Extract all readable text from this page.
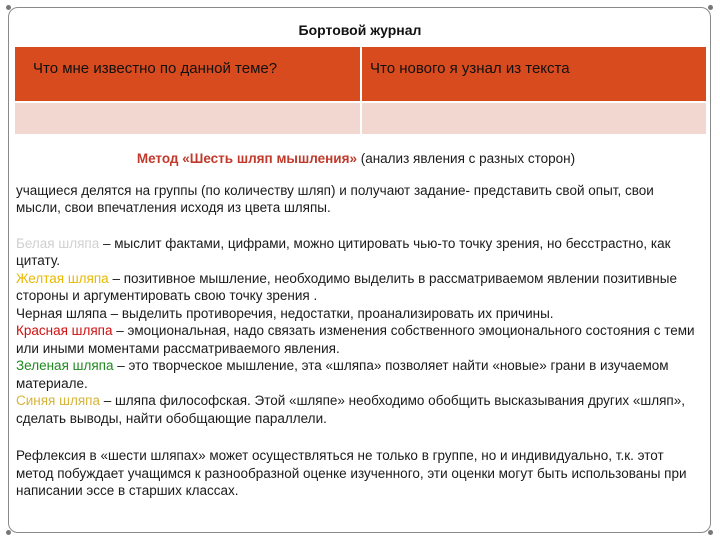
Бортовой журнал
Что мне известно по данной теме?	Что нового я узнал из текста

Метод «Шесть шляп мышления» (анализ явления с разных сторон)

учащиеся делятся на группы (по количеству шляп) и получают задание- представить свой опыт, свои мысли, свои впечатления исходя из цвета шляпы.

Белая шляпа – мыслит фактами, цифрами, можно цитировать чью-то точку зрения, но бесстрастно, как цитату.

Желтая шляпа – позитивное мышление, необходимо выделить в рассматриваемом явлении позитивные стороны и аргументировать свою точку зрения .

Черная шляпа – выделить противоречия, недостатки, проанализировать их причины.

Красная шляпа – эмоциональная, надо связать изменения собственного эмоционального состояния с теми или иными моментами рассматриваемого явления.

Зеленая шляпа – это творческое мышление, эта «шляпа» позволяет найти «новые» грани в изучаемом материале.

Синяя шляпа – шляпа философская. Этой «шляпе» необходимо обобщить высказывания других «шляп», сделать выводы, найти обобщающие параллели.

Рефлексия в «шести шляпах» может осуществляться не только в группе, но и индивидуально, т.к. этот метод побуждает учащимся к разнообразной оценке изученного, эти оценки могут быть использованы при написании эссе в старших классах.
